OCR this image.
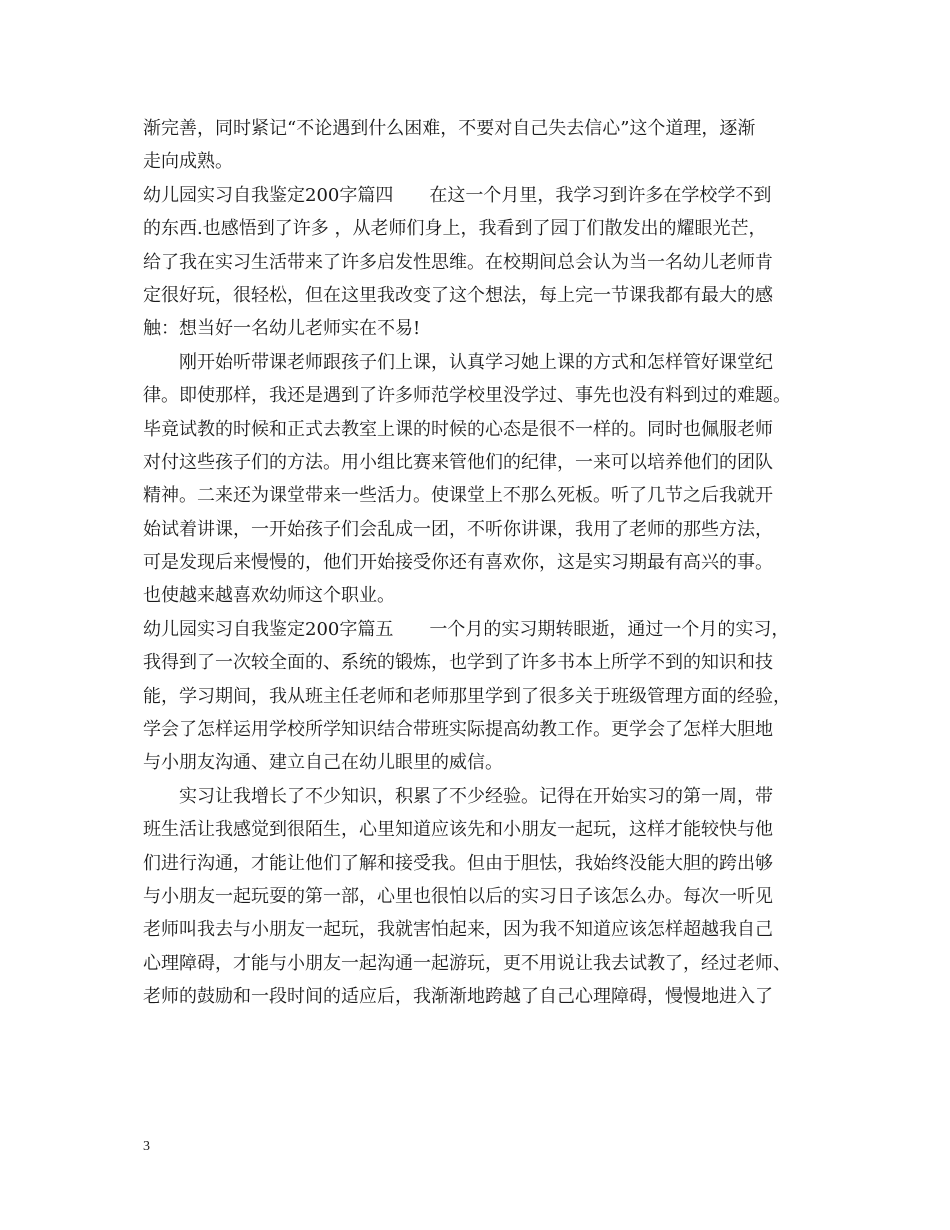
渐完善，同时紧记“不论遇到什么困难，不要对自己失去信心”这个道理，逐渐
走向成熟。
幼儿园实习自我鉴定200字篇四　　在这一个月里，我学习到许多在学校学不到
的东西.也感悟到了许多 ，从老师们身上，我看到了园丁们散发出的耀眼光芒，
给了我在实习生活带来了许多启发性思维。在校期间总会认为当一名幼儿老师肯
定很好玩，很轻松，但在这里我改变了这个想法，每上完一节课我都有最大的感
触：想当好一名幼儿老师实在不易!
　　刚开始听带课老师跟孩子们上课，认真学习她上课的方式和怎样管好课堂纪
律。即使那样，我还是遇到了许多师范学校里没学过、事先也没有料到过的难题。
毕竟试教的时候和正式去教室上课的时候的心态是很不一样的。同时也佩服老师
对付这些孩子们的方法。用小组比赛来管他们的纪律，一来可以培养他们的团队
精神。二来还为课堂带来一些活力。使课堂上不那么死板。听了几节之后我就开
始试着讲课，一开始孩子们会乱成一团，不听你讲课，我用了老师的那些方法，
可是发现后来慢慢的，他们开始接受你还有喜欢你，这是实习期最有高兴的事。
也使越来越喜欢幼师这个职业。
幼儿园实习自我鉴定200字篇五　　一个月的实习期转眼逝，通过一个月的实习，
我得到了一次较全面的、系统的锻炼，也学到了许多书本上所学不到的知识和技
能，学习期间，我从班主任老师和老师那里学到了很多关于班级管理方面的经验，
学会了怎样运用学校所学知识结合带班实际提高幼教工作。更学会了怎样大胆地
与小朋友沟通、建立自己在幼儿眼里的威信。
　　实习让我增长了不少知识，积累了不少经验。记得在开始实习的第一周，带
班生活让我感觉到很陌生，心里知道应该先和小朋友一起玩，这样才能较快与他
们进行沟通，才能让他们了解和接受我。但由于胆怯，我始终没能大胆的跨出够
与小朋友一起玩耍的第一部，心里也很怕以后的实习日子该怎么办。每次一听见
老师叫我去与小朋友一起玩，我就害怕起来，因为我不知道应该怎样超越我自己
心理障碍，才能与小朋友一起沟通一起游玩，更不用说让我去试教了，经过老师、
老师的鼓励和一段时间的适应后，我渐渐地跨越了自己心理障碍，慢慢地进入了
3
